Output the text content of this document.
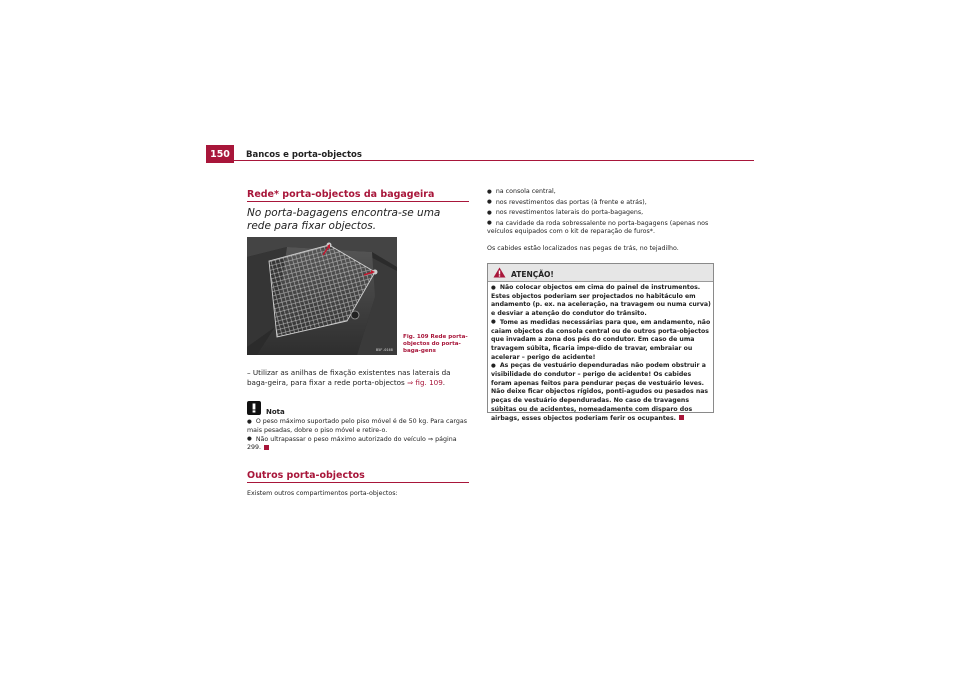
150	Bancos e porta-objectos
Rede* porta-objectos da bagageira
No porta-bagagens encontra-se uma rede para fixar objectos.
B5F-0168
Fig. 109 Rede porta-objectos do porta-baga-gens
– Utilizar as anilhas de fixação existentes nas laterais da baga-geira, para fixar a rede porta-objectos ⇒ fig. 109.
Nota
● O peso máximo suportado pelo piso móvel é de 50 kg. Para cargas mais pesadas, dobre o piso móvel e retire-o.
● Não ultrapassar o peso máximo autorizado do veículo ⇒ página 299.
Outros porta-objectos
Existem outros compartimentos porta-objectos:
● na consola central,
● nos revestimentos das portas (à frente e atrás),
● nos revestimentos laterais do porta-bagagens,
● na cavidade da roda sobressalente no porta-bagagens (apenas nos veículos equipados com o kit de reparação de furos*.
Os cabides estão localizados nas pegas de trás, no tejadilho.
ATENÇÃO!

● Não colocar objectos em cima do painel de instrumentos. Estes objectos poderiam ser projectados no habitáculo em andamento (p. ex. na aceleração, na travagem ou numa curva) e desviar a atenção do condutor do trânsito.

● Tome as medidas necessárias para que, em andamento, não caiam objectos da consola central ou de outros porta-objectos que invadam a zona dos pés do condutor. Em caso de uma travagem súbita, ficaria impe-dido de travar, embraiar ou acelerar – perigo de acidente!

● As peças de vestuário dependuradas não podem obstruir a visibilidade do condutor – perigo de acidente! Os cabides foram apenas feitos para pendurar peças de vestuário leves. Não deixe ficar objectos rígidos, ponti-agudos ou pesados nas peças de vestuário dependuradas. No caso de travagens súbitas ou de acidentes, nomeadamente com disparo dos airbags, esses objectos poderiam ferir os ocupantes.
